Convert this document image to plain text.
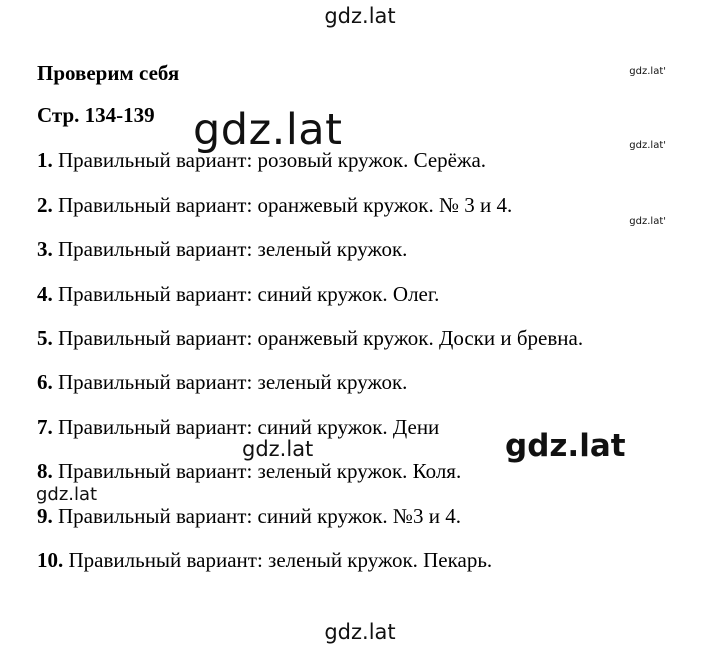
gdz.lat
Проверим себя
Стр. 134-139
gdz.lat'
gdz.lat'
gdz.lat'
1. Правильный вариант: розовый кружок. Серёжа.
2. Правильный вариант: оранжевый кружок. № 3 и 4.
3. Правильный вариант: зеленый кружок.
4. Правильный вариант: синий кружок. Олег.
5. Правильный вариант: оранжевый кружок. Доски и бревна.
6. Правильный вариант: зеленый кружок.
7. Правильный вариант: синий кружок. Дени
8. Правильный вариант: зеленый кружок. Коля.
9. Правильный вариант: синий кружок. №3 и 4.
10. Правильный вариант: зеленый кружок. Пекарь.
gdz.lat
gdz.lat	gdz.lat
gdz.lat
gdz.lat
